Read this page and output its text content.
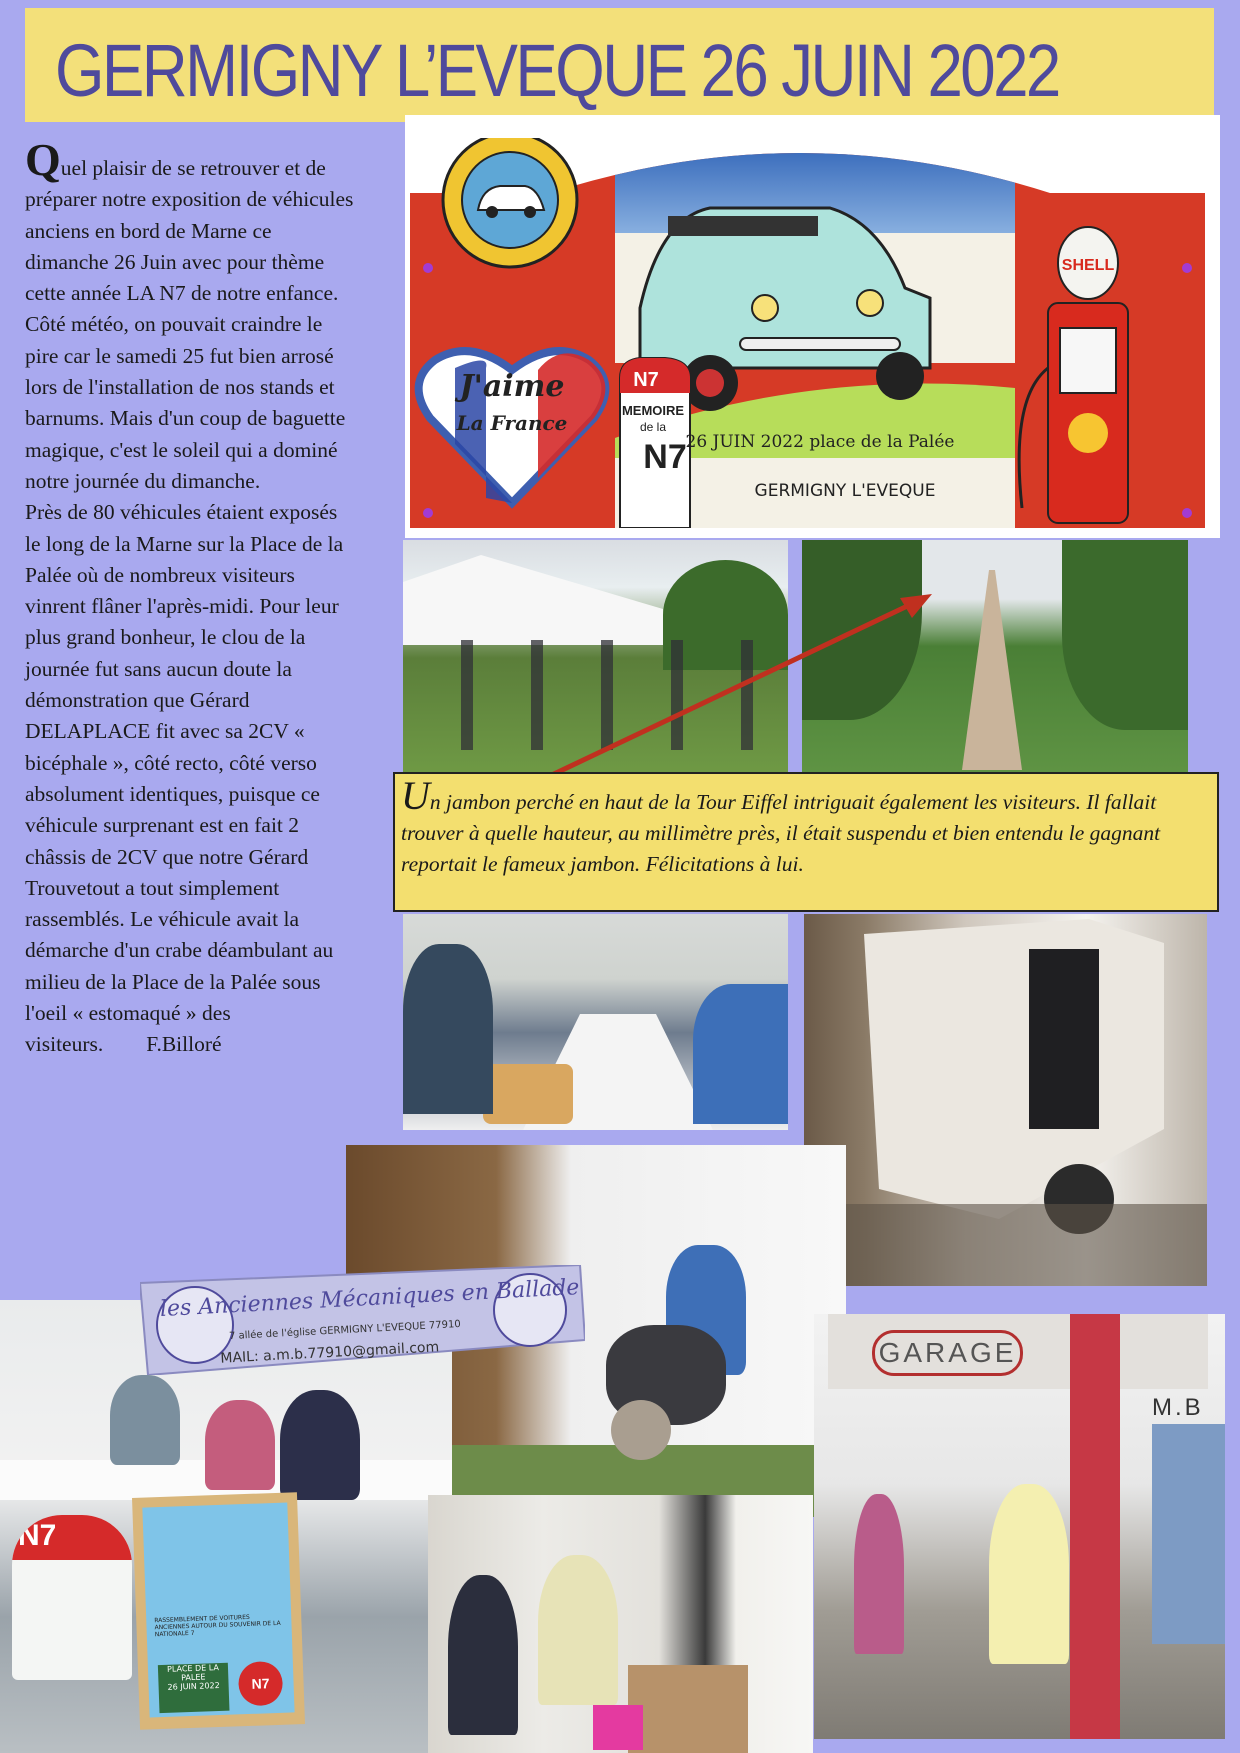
GERMIGNY L’EVEQUE 26 JUIN 2022

Quel plaisir de se retrouver et de préparer notre exposition de véhicules anciens en bord de Marne ce dimanche 26 Juin avec pour thème cette année LA N7 de notre enfance.

Côté météo, on pouvait craindre le pire car le samedi 25 fut bien arrosé lors de l'installation de nos stands et barnums. Mais d'un coup de baguette magique, c'est le soleil qui a dominé notre journée du dimanche.

Près de 80 véhicules étaient exposés le long de la Marne sur la Place de la Palée où de nombreux visiteurs vinrent flâner l'après-midi. Pour leur plus grand bonheur, le clou de la journée fut sans aucun doute la démonstration que Gérard DELAPLACE fit avec sa 2CV « bicéphale », côté recto, côté verso absolument identiques, puisque ce véhicule surprenant est en fait 2 châssis de 2CV que notre Gérard Trouvetout a tout simplement rassemblés. Le véhicule avait la démarche d'un crabe déambulant au milieu de la Place de la Palée sous l'oeil « estomaqué » des visiteurs. F.Billoré

J'aime
La France
N7
MEMOIRE
de la
N7
26 JUIN 2022 place de la Palée
GERMIGNY L'EVEQUE
SHELL
Un jambon perché en haut de la Tour Eiffel intriguait également les visiteurs. Il fallait trouver à quelle hauteur, au millimètre près, il était suspendu et bien entendu le gagnant reportait le fameux jambon. Félicitations à lui.
les Anciennes Mécaniques en Ballade
7 allée de l'église GERMIGNY L'EVEQUE 77910
MAIL: a.m.b.77910@gmail.com
N7
RASSEMBLEMENT DE VOITURES ANCIENNES AUTOUR DU SOUVENIR DE LA NATIONALE 7
PLACE DE LA PALEE
26 JUIN 2022	N7
GARAGE
M.B
